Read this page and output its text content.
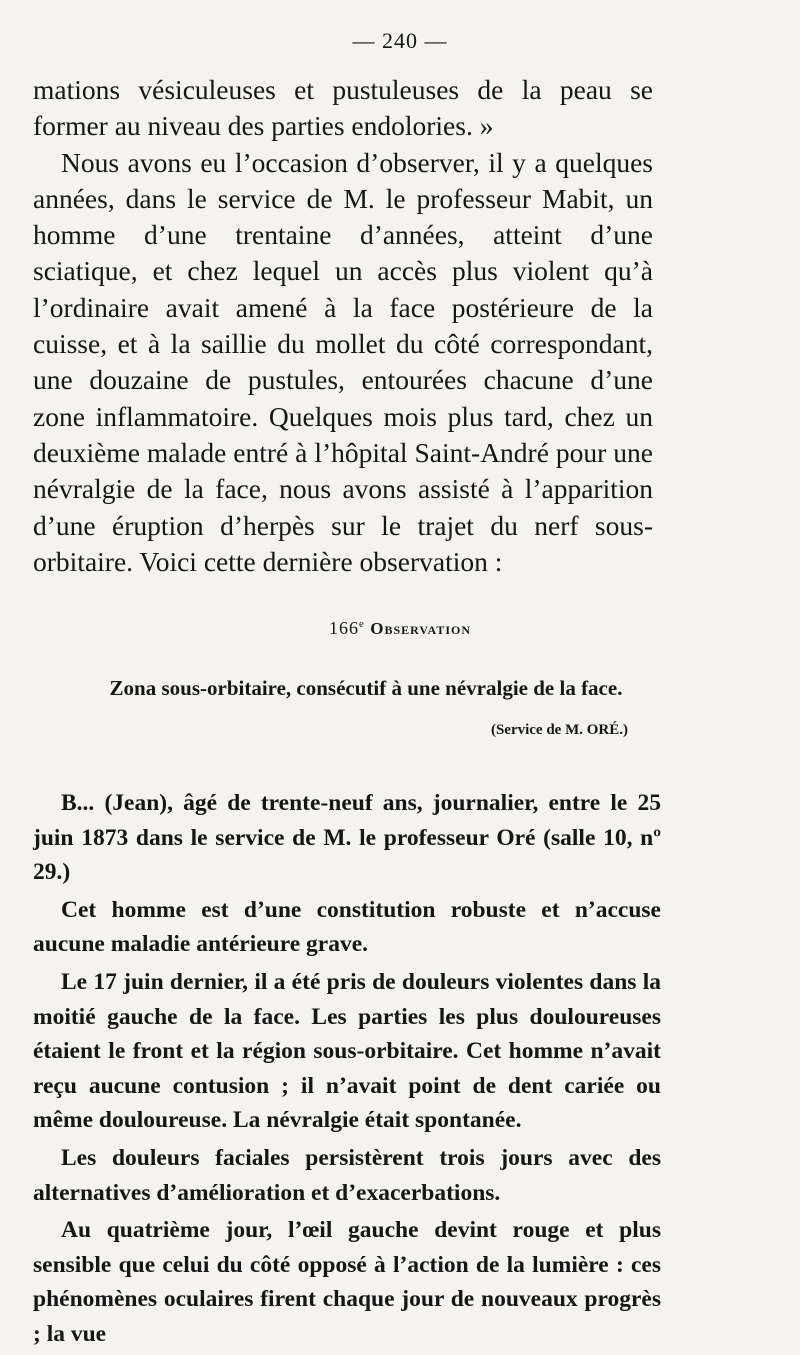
— 240 —

mations vésiculeuses et pustuleuses de la peau se former au niveau des parties endolories. »

Nous avons eu l’occasion d’observer, il y a quelques années, dans le service de M. le professeur Mabit, un homme d’une trentaine d’années, atteint d’une sciatique, et chez lequel un accès plus violent qu’à l’ordinaire avait amené à la face postérieure de la cuisse, et à la saillie du mollet du côté correspondant, une douzaine de pustules, entourées chacune d’une zone inflammatoire. Quelques mois plus tard, chez un deuxième malade entré à l’hôpital Saint-André pour une névralgie de la face, nous avons assisté à l’apparition d’une éruption d’herpès sur le trajet du nerf sous-orbitaire. Voici cette dernière observation :

166e Observation
Zona sous-orbitaire, consécutif à une névralgie de la face.
(Service de M. ORÉ.)

B... (Jean), âgé de trente-neuf ans, journalier, entre le 25 juin 1873 dans le service de M. le professeur Oré (salle 10, nº 29.)

Cet homme est d’une constitution robuste et n’accuse aucune maladie antérieure grave.

Le 17 juin dernier, il a été pris de douleurs violentes dans la moitié gauche de la face. Les parties les plus douloureuses étaient le front et la région sous-orbitaire. Cet homme n’avait reçu aucune contusion ; il n’avait point de dent cariée ou même douloureuse. La névralgie était spontanée.

Les douleurs faciales persistèrent trois jours avec des alternatives d’amélioration et d’exacerbations.

Au quatrième jour, l’œil gauche devint rouge et plus sensible que celui du côté opposé à l’action de la lumière : ces phénomènes oculaires firent chaque jour de nouveaux progrès ; la vue
